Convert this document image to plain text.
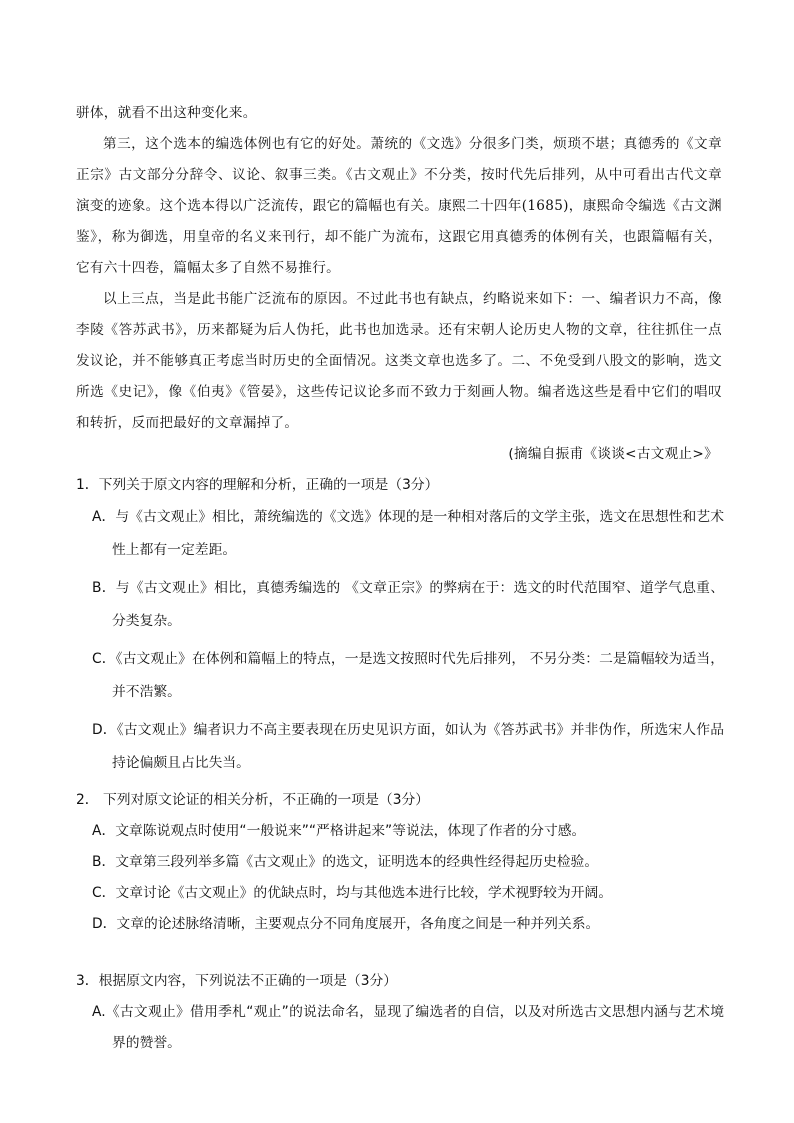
骈体，就看不出这种变化来。

第三，这个选本的编选体例也有它的好处。萧统的《文选》分很多门类，烦琐不堪；真德秀的《文章正宗》古文部分分辞令、议论、叙事三类。《古文观止》不分类，按时代先后排列，从中可看出古代文章演变的迹象。这个选本得以广泛流传，跟它的篇幅也有关。康熙二十四年(1685)，康熙命令编选《古文渊鉴》，称为御选，用皇帝的名义来刊行，却不能广为流布，这跟它用真德秀的体例有关，也跟篇幅有关，它有六十四卷，篇幅太多了自然不易推行。

以上三点，当是此书能广泛流布的原因。不过此书也有缺点，约略说来如下：一、编者识力不高，像李陵《答苏武书》，历来都疑为后人伪托，此书也加选录。还有宋朝人论历史人物的文章，往往抓住一点发议论，并不能够真正考虑当时历史的全面情况。这类文章也选多了。二、不免受到八股文的影响，选文所选《史记》，像《伯夷》《管晏》，这些传记议论多而不致力于刻画人物。编者选这些是看中它们的唱叹和转折，反而把最好的文章漏掉了。

(摘编自振甫《谈谈<古文观止>》

1．下列关于原文内容的理解和分析，正确的一项是（3分）

A．与《古文观止》相比，萧统编选的《文选》体现的是一种相对落后的文学主张，选文在思想性和艺术性上都有一定差距。

B．与《古文观止》相比，真德秀编选的 《文章正宗》的弊病在于：选文的时代范围窄、道学气息重、分类复杂。

C．《古文观止》在体例和篇幅上的特点，一是选文按照时代先后排列， 不另分类：二是篇幅较为适当，并不浩繁。

D．《古文观止》编者识力不高主要表现在历史见识方面，如认为《答苏武书》并非伪作，所选宋人作品持论偏颇且占比失当。

2． 下列对原文论证的相关分析，不正确的一项是（3分）

A．文章陈说观点时使用“一般说来”“严格讲起来”等说法，体现了作者的分寸感。

B．文章第三段列举多篇《古文观止》的选文，证明选本的经典性经得起历史检验。

C．文章讨论《古文观止》的优缺点时，均与其他选本进行比较，学术视野较为开阔。

D．文章的论述脉络清晰，主要观点分不同角度展开，各角度之间是一种并列关系。

3．根据原文内容，下列说法不正确的一项是（3分）

A.《古文观止》借用季札“观止”的说法命名，显现了编选者的自信，以及对所选古文思想内涵与艺术境界的赞誉。
